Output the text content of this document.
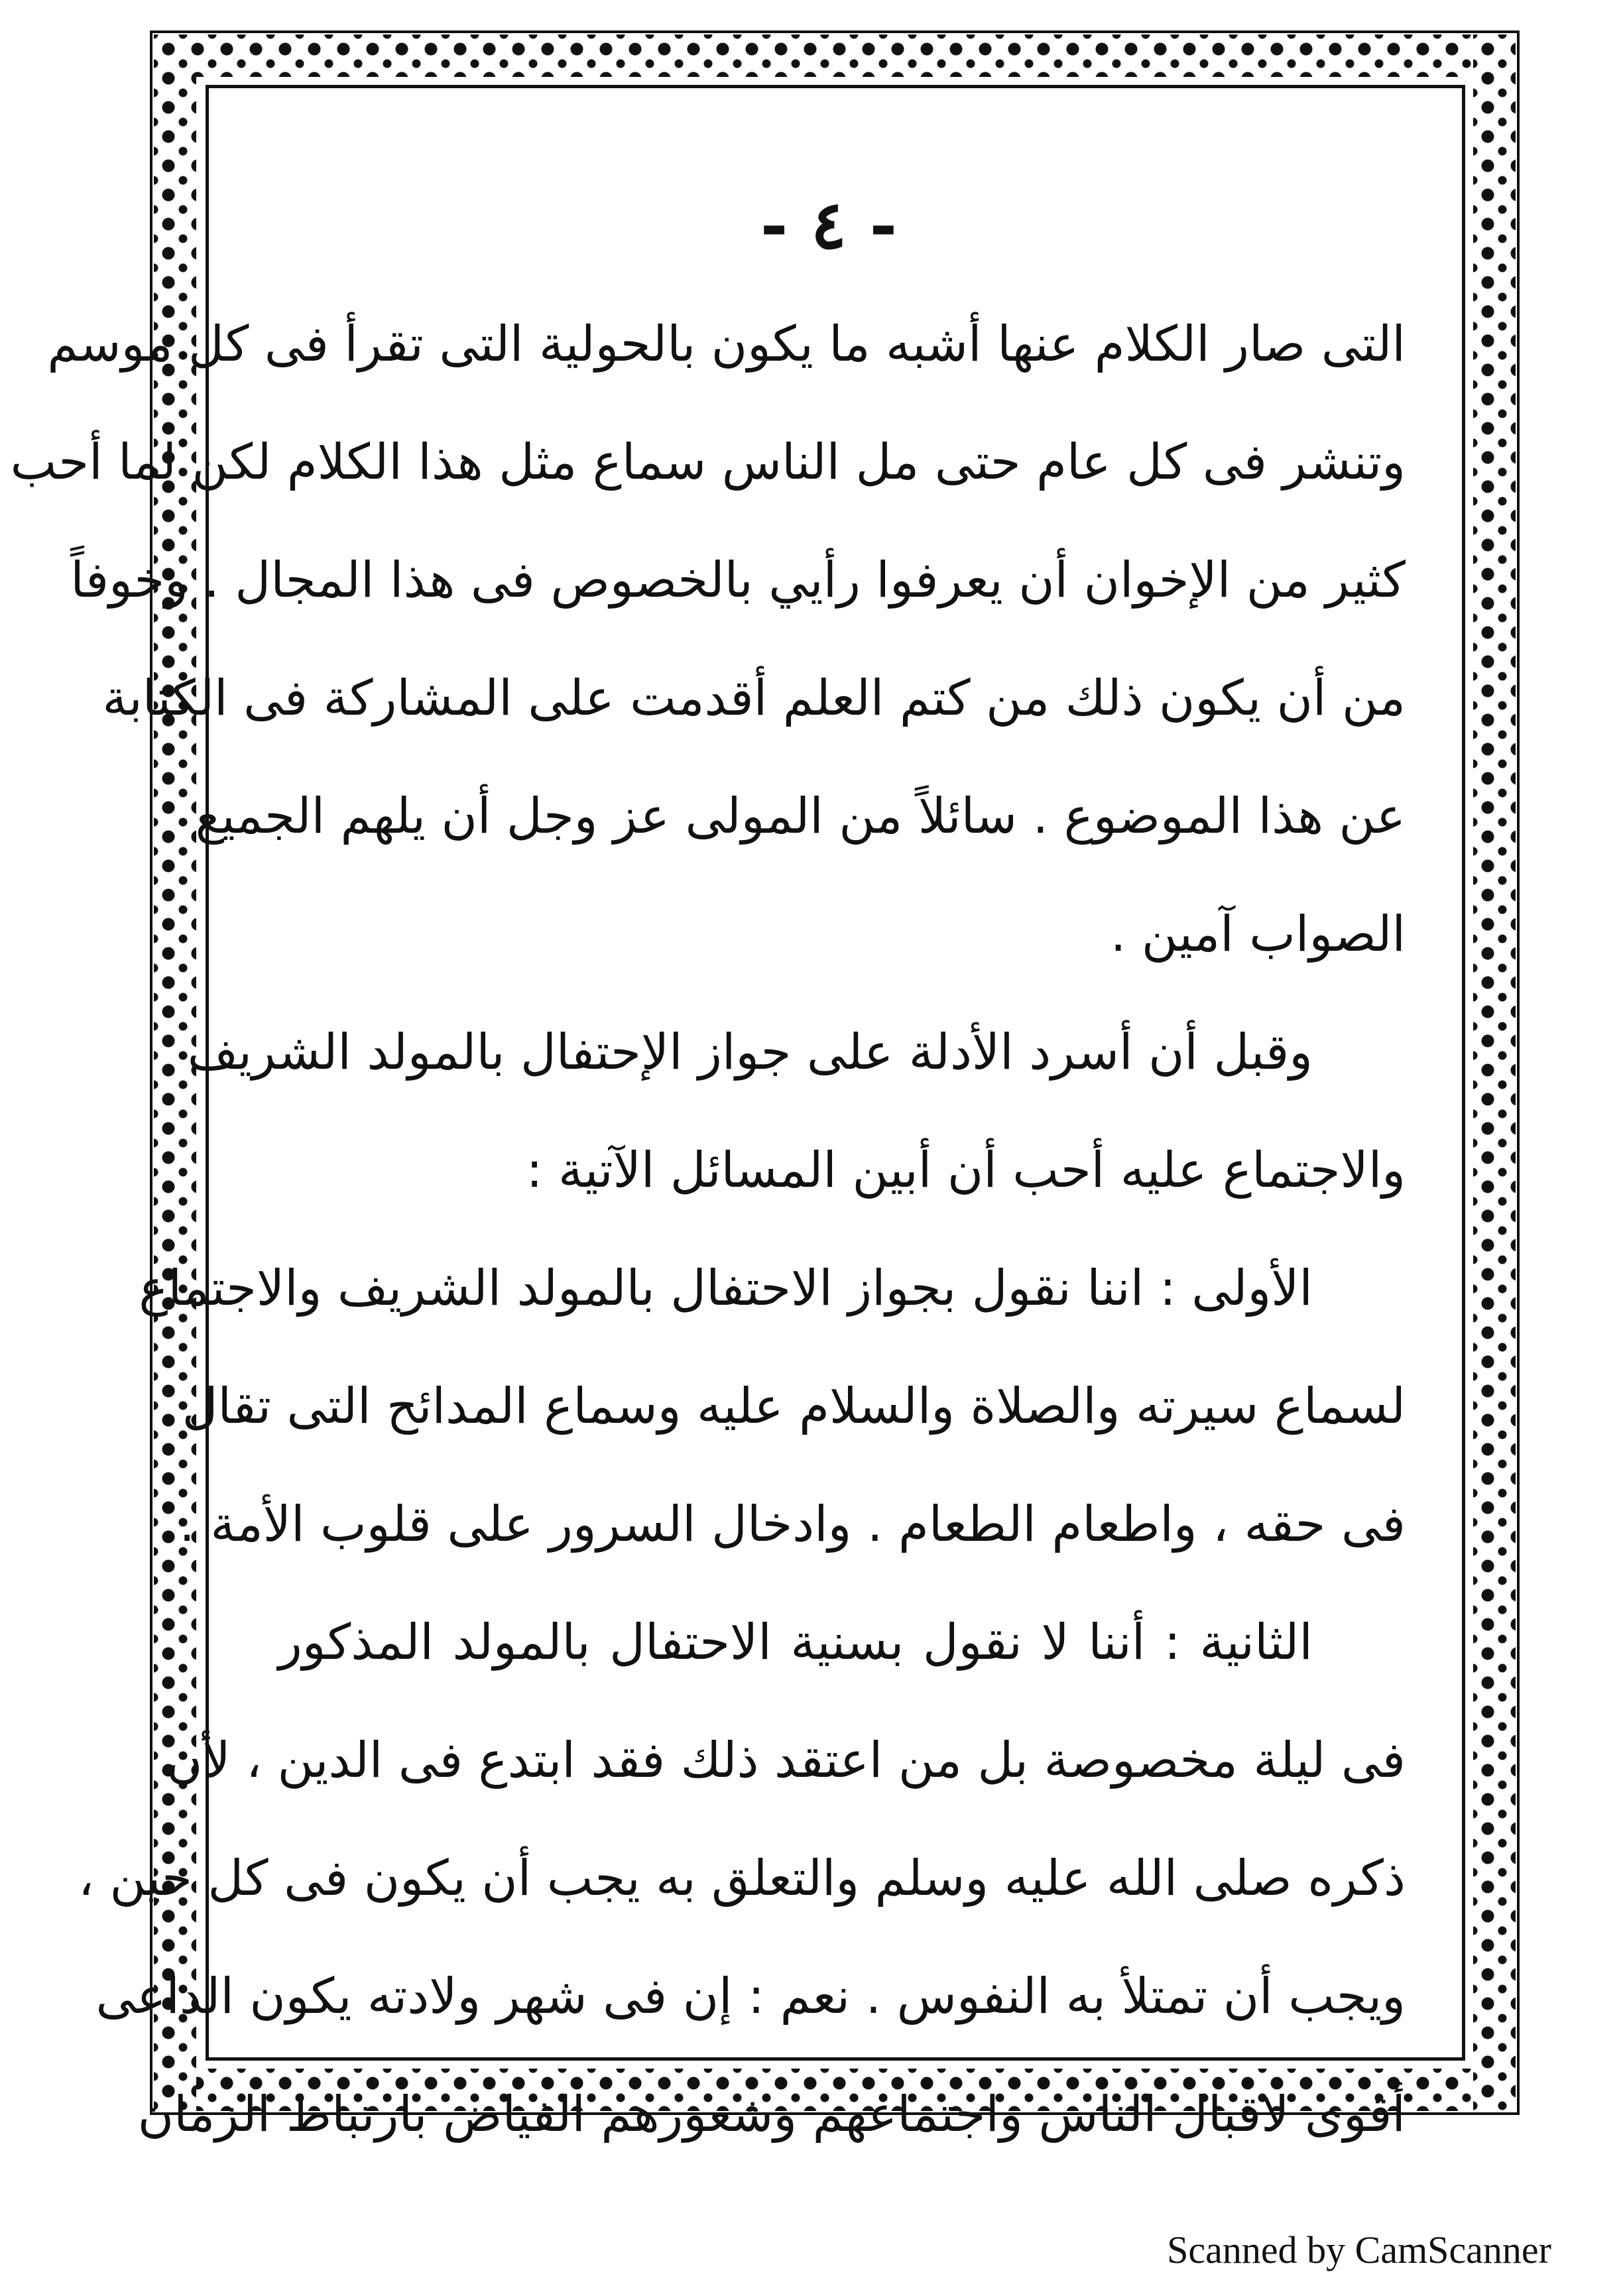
- ٤ -
التى صار الكلام عنها أشبه ما يكون بالحولية التى تقرأ فى كل موسم
وتنشر فى كل عام حتى مل الناس سماع مثل هذا الكلام لكن لما أحب
كثير من الإخوان أن يعرفوا رأيي بالخصوص فى هذا المجال . وخوفاً
من أن يكون ذلك من كتم العلم أقدمت على المشاركة فى الكتابة
عن هذا الموضوع . سائلاً من المولى عز وجل أن يلهم الجميع
الصواب آمين .
وقبل أن أسرد الأدلة على جواز الإحتفال بالمولد الشريف
والاجتماع عليه أحب أن أبين المسائل الآتية :
الأولى : اننا نقول بجواز الاحتفال بالمولد الشريف والاجتماع
لسماع سيرته والصلاة والسلام عليه وسماع المدائح التى تقال
فى حقه ، واطعام الطعام . وادخال السرور على قلوب الأمة .
الثانية : أننا لا نقول بسنية الاحتفال بالمولد المذكور
فى ليلة مخصوصة بل من اعتقد ذلك فقد ابتدع فى الدين ، لأن
ذكره صلى الله عليه وسلم والتعلق به يجب أن يكون فى كل حين ،
ويجب أن تمتلأ به النفوس . نعم : إن فى شهر ولادته يكون الداعى
أقوى لاقبال الناس واجتماعهم وشعورهم الفياض بارتباط الزمان
Scanned by CamScanner
